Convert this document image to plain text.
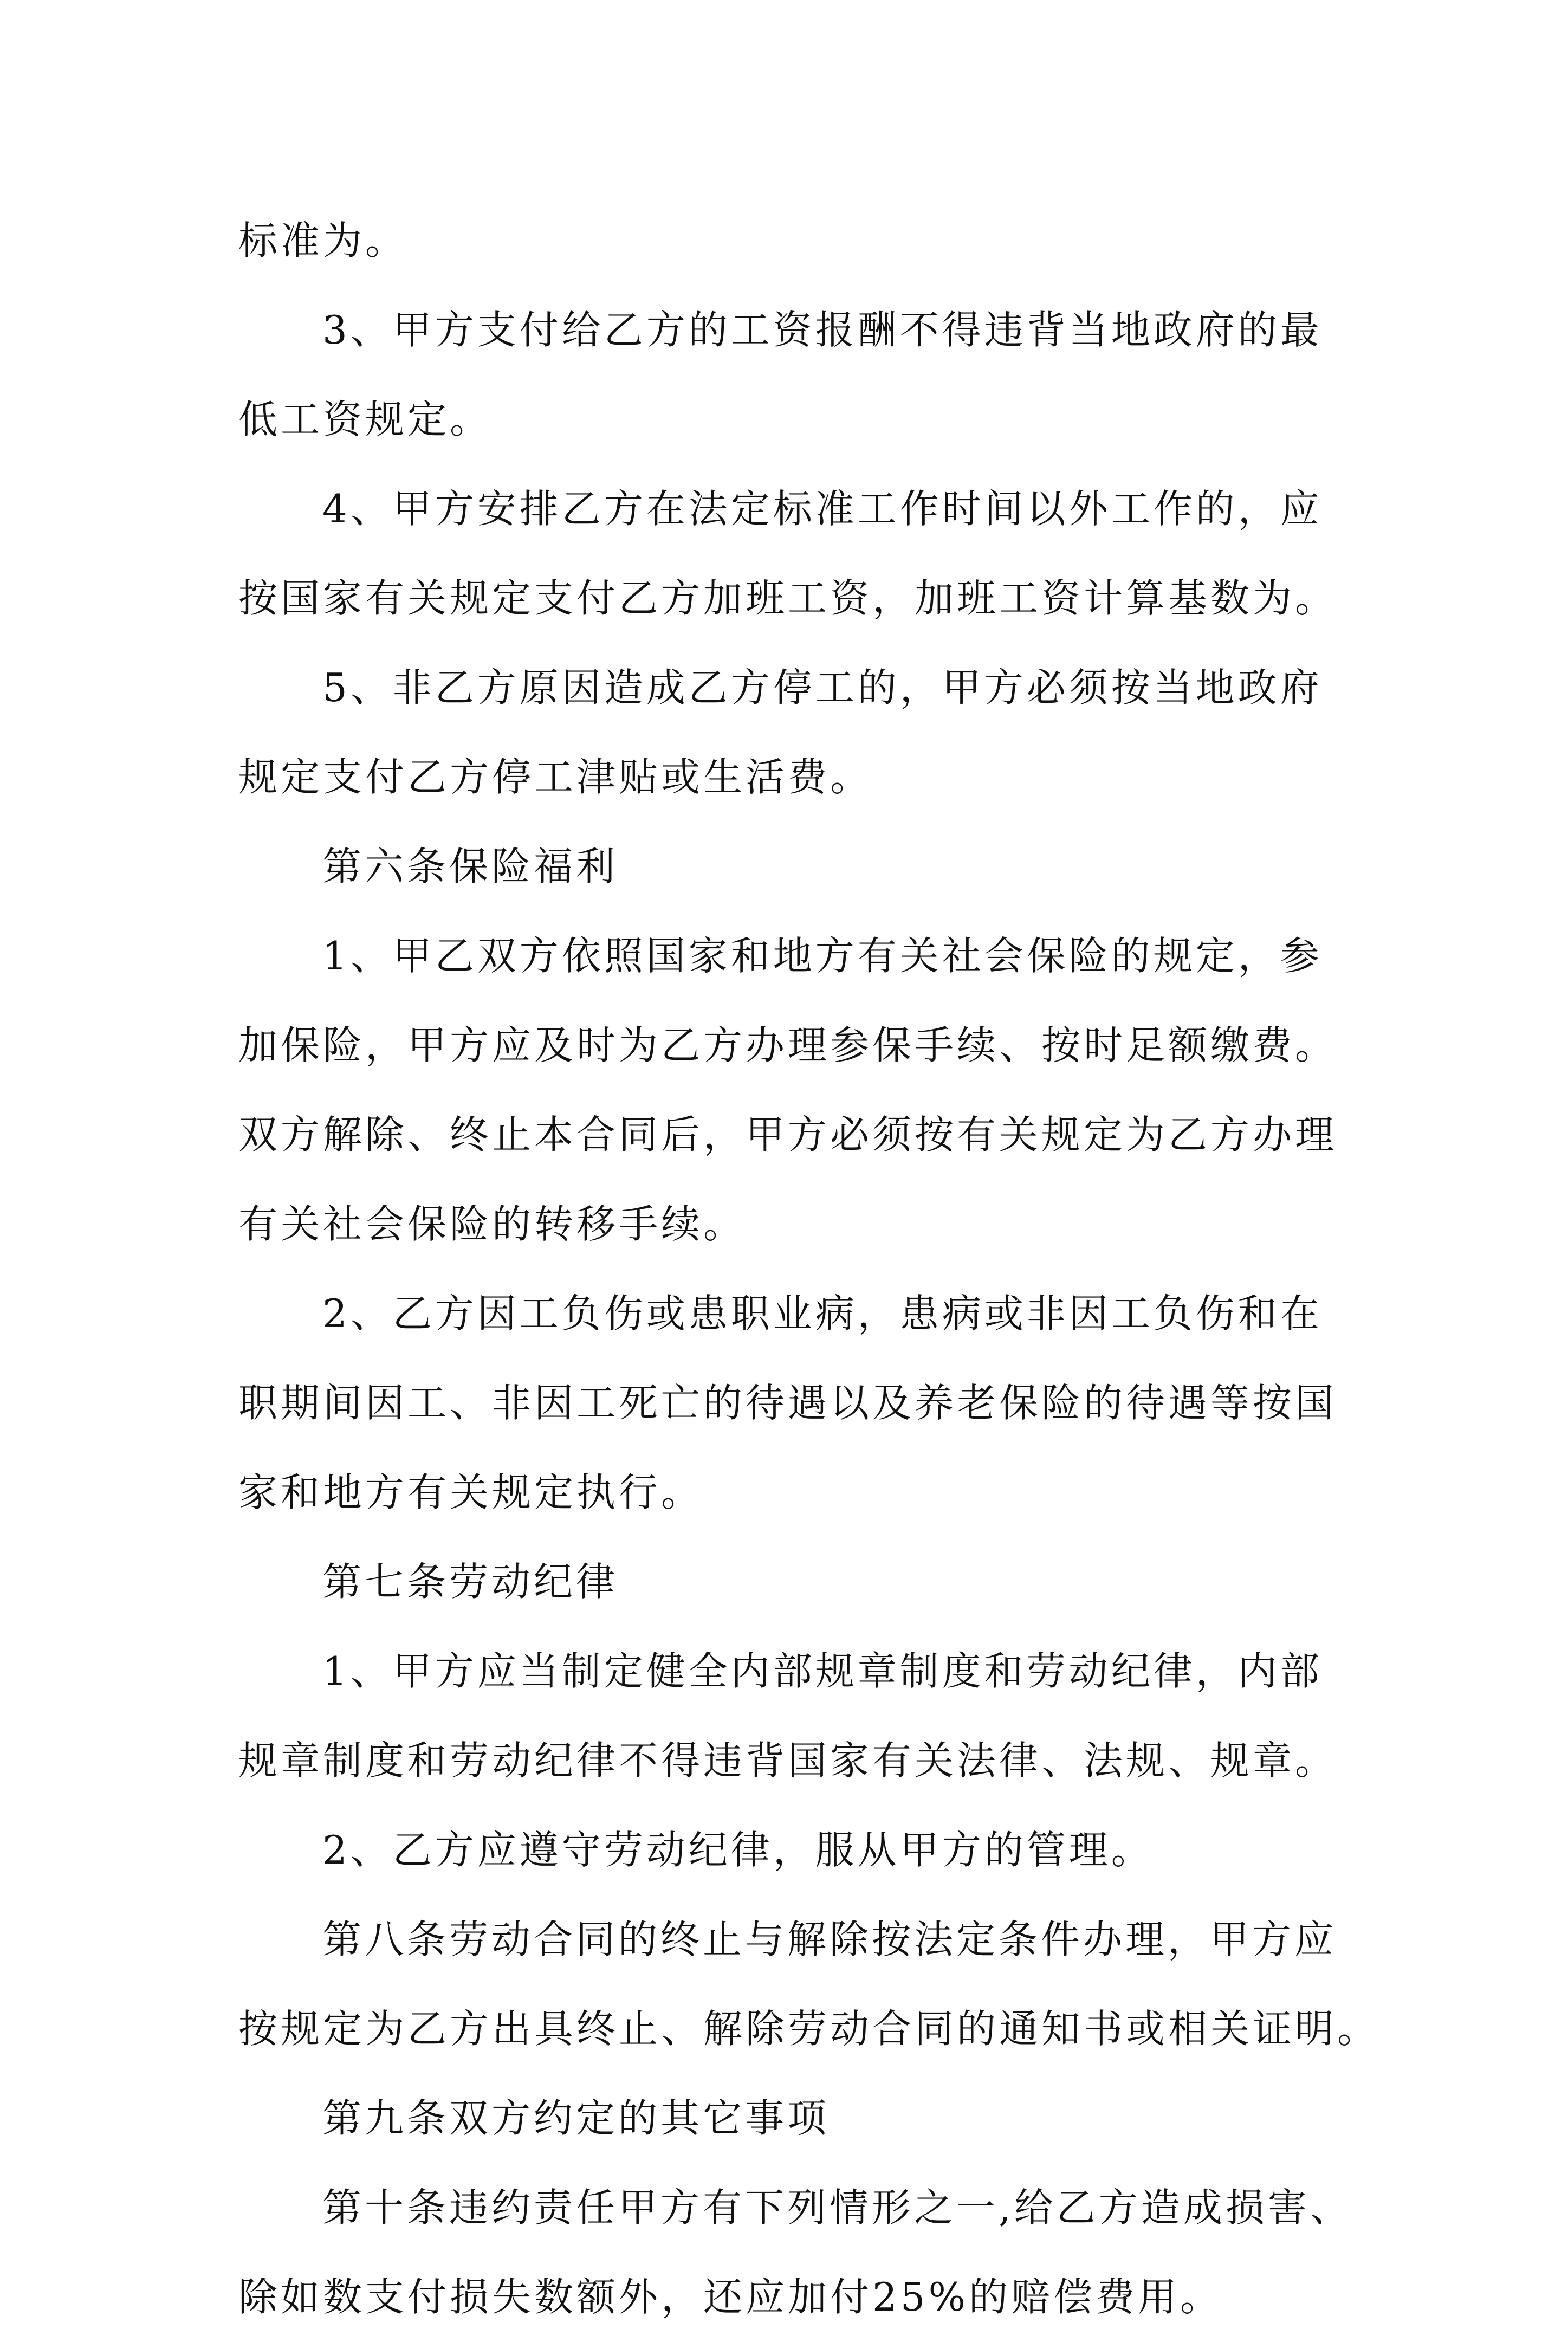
标准为。
3、甲方支付给乙方的工资报酬不得违背当地政府的最
低工资规定。
4、甲方安排乙方在法定标准工作时间以外工作的，应
按国家有关规定支付乙方加班工资，加班工资计算基数为。
5、非乙方原因造成乙方停工的，甲方必须按当地政府
规定支付乙方停工津贴或生活费。
第六条保险福利
1、甲乙双方依照国家和地方有关社会保险的规定，参
加保险，甲方应及时为乙方办理参保手续、按时足额缴费。
双方解除、终止本合同后，甲方必须按有关规定为乙方办理
有关社会保险的转移手续。
2、乙方因工负伤或患职业病，患病或非因工负伤和在
职期间因工、非因工死亡的待遇以及养老保险的待遇等按国
家和地方有关规定执行。
第七条劳动纪律
1、甲方应当制定健全内部规章制度和劳动纪律，内部
规章制度和劳动纪律不得违背国家有关法律、法规、规章。
2、乙方应遵守劳动纪律，服从甲方的管理。
第八条劳动合同的终止与解除按法定条件办理，甲方应
按规定为乙方出具终止、解除劳动合同的通知书或相关证明。
第九条双方约定的其它事项
第十条违约责任甲方有下列情形之一,给乙方造成损害、
除如数支付损失数额外，还应加付25%的赔偿费用。
